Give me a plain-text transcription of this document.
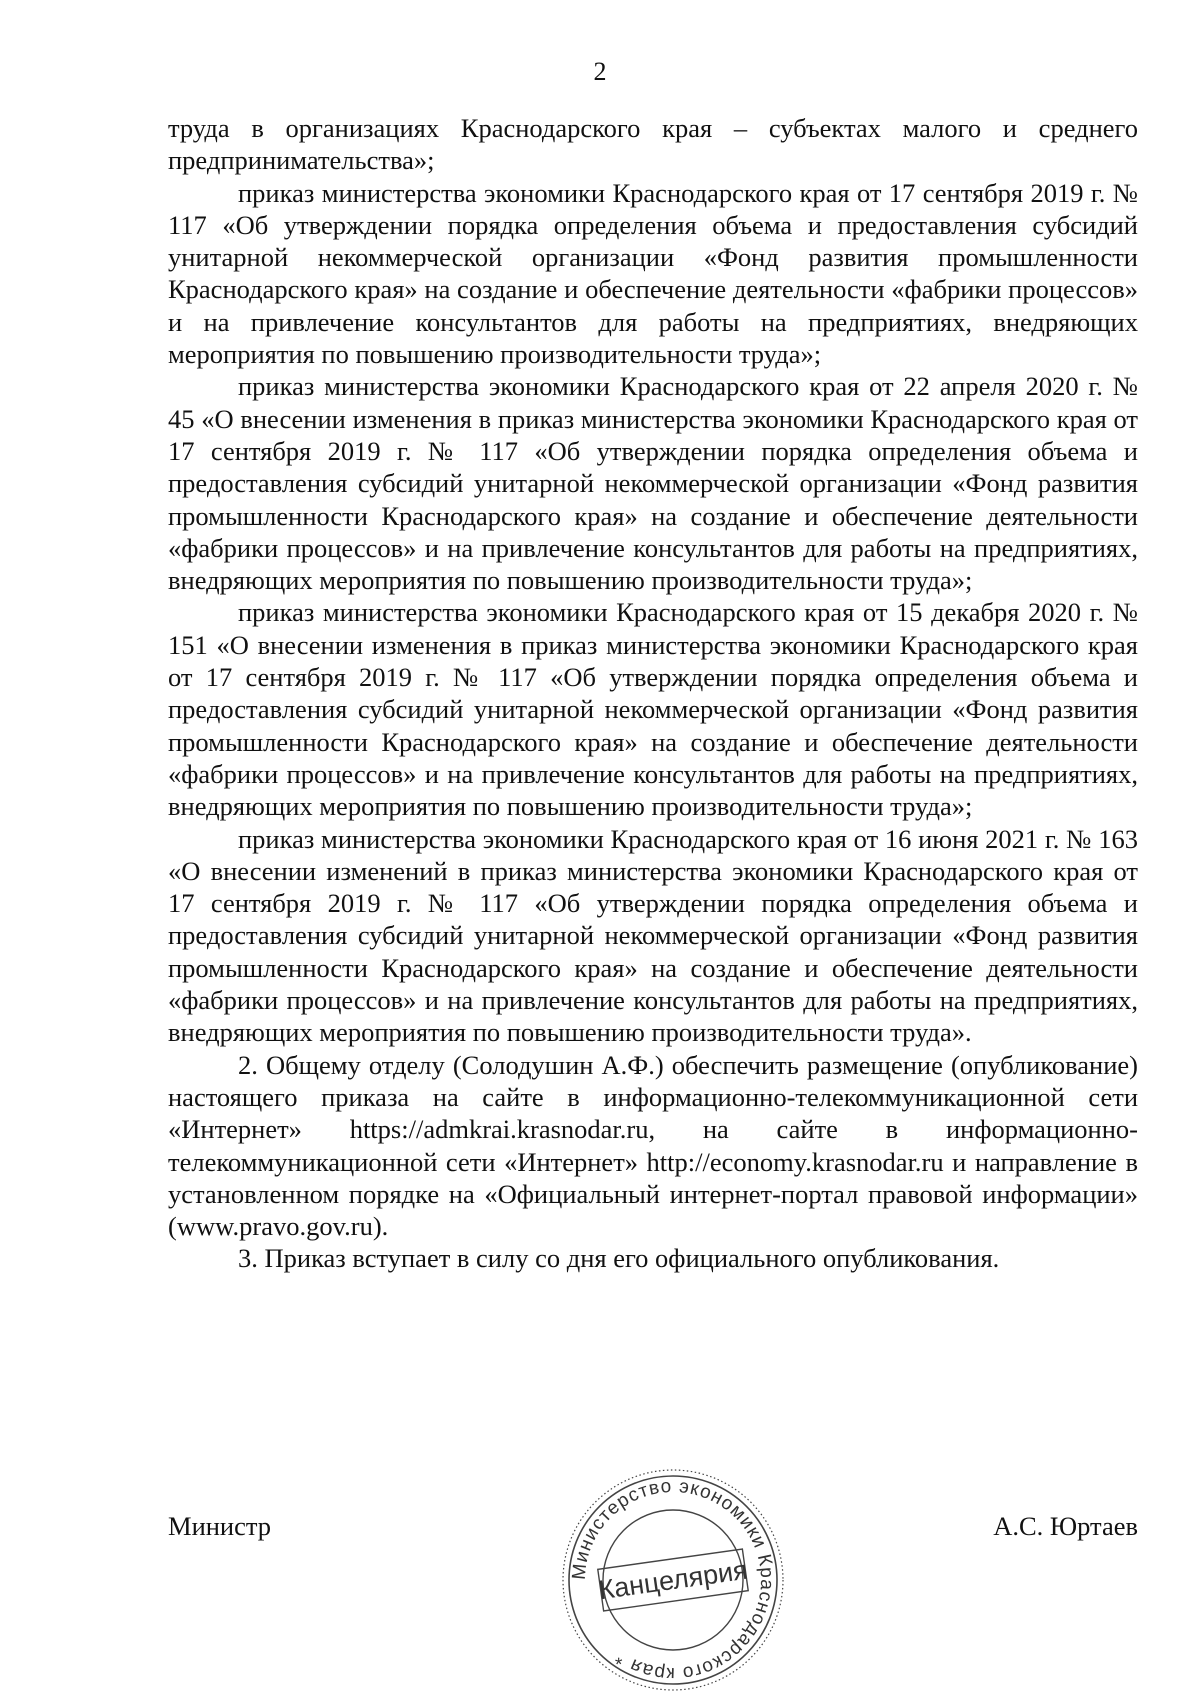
2

труда в организациях Краснодарского края – субъектах малого и среднего предпринимательства»;

приказ министерства экономики Краснодарского края от 17 сентября 2019 г. № 117 «Об утверждении порядка определения объема и предоставления субсидий унитарной некоммерческой организации «Фонд развития промышленности Краснодарского края» на создание и обеспечение деятельности «фабрики процессов» и на привлечение консультантов для работы на предприятиях, внедряющих мероприятия по повышению производительности труда»;

приказ министерства экономики Краснодарского края от 22 апреля 2020 г. № 45 «О внесении изменения в приказ министерства экономики Краснодарского края от 17 сентября 2019 г. № 117 «Об утверждении порядка определения объема и предоставления субсидий унитарной некоммерческой организации «Фонд развития промышленности Краснодарского края» на создание и обеспечение деятельности «фабрики процессов» и на привлечение консультантов для работы на предприятиях, внедряющих мероприятия по повышению производительности труда»;

приказ министерства экономики Краснодарского края от 15 декабря 2020 г. № 151 «О внесении изменения в приказ министерства экономики Краснодарского края от 17 сентября 2019 г. № 117 «Об утверждении порядка определения объема и предоставления субсидий унитарной некоммерческой организации «Фонд развития промышленности Краснодарского края» на создание и обеспечение деятельности «фабрики процессов» и на привлечение консультантов для работы на предприятиях, внедряющих мероприятия по повышению производительности труда»;

приказ министерства экономики Краснодарского края от 16 июня 2021 г. № 163 «О внесении изменений в приказ министерства экономики Краснодарского края от 17 сентября 2019 г. № 117 «Об утверждении порядка определения объема и предоставления субсидий унитарной некоммерческой организации «Фонд развития промышленности Краснодарского края» на создание и обеспечение деятельности «фабрики процессов» и на привлечение консультантов для работы на предприятиях, внедряющих мероприятия по повышению производительности труда».

2. Общему отделу (Солодушин А.Ф.) обеспечить размещение (опубликование) настоящего приказа на сайте в информационно-телекоммуникационной сети «Интернет» https://admkrai.krasnodar.ru, на сайте в информационно-телекоммуникационной сети «Интернет» http://economy.krasnodar.ru и направление в установленном порядке на «Официальный интернет-портал правовой информации» (www.pravo.gov.ru).

3. Приказ вступает в силу со дня его официального опубликования.

Министр	А.С. Юртаев
Министерство экономики Краснодарского края *
Канцелярия
